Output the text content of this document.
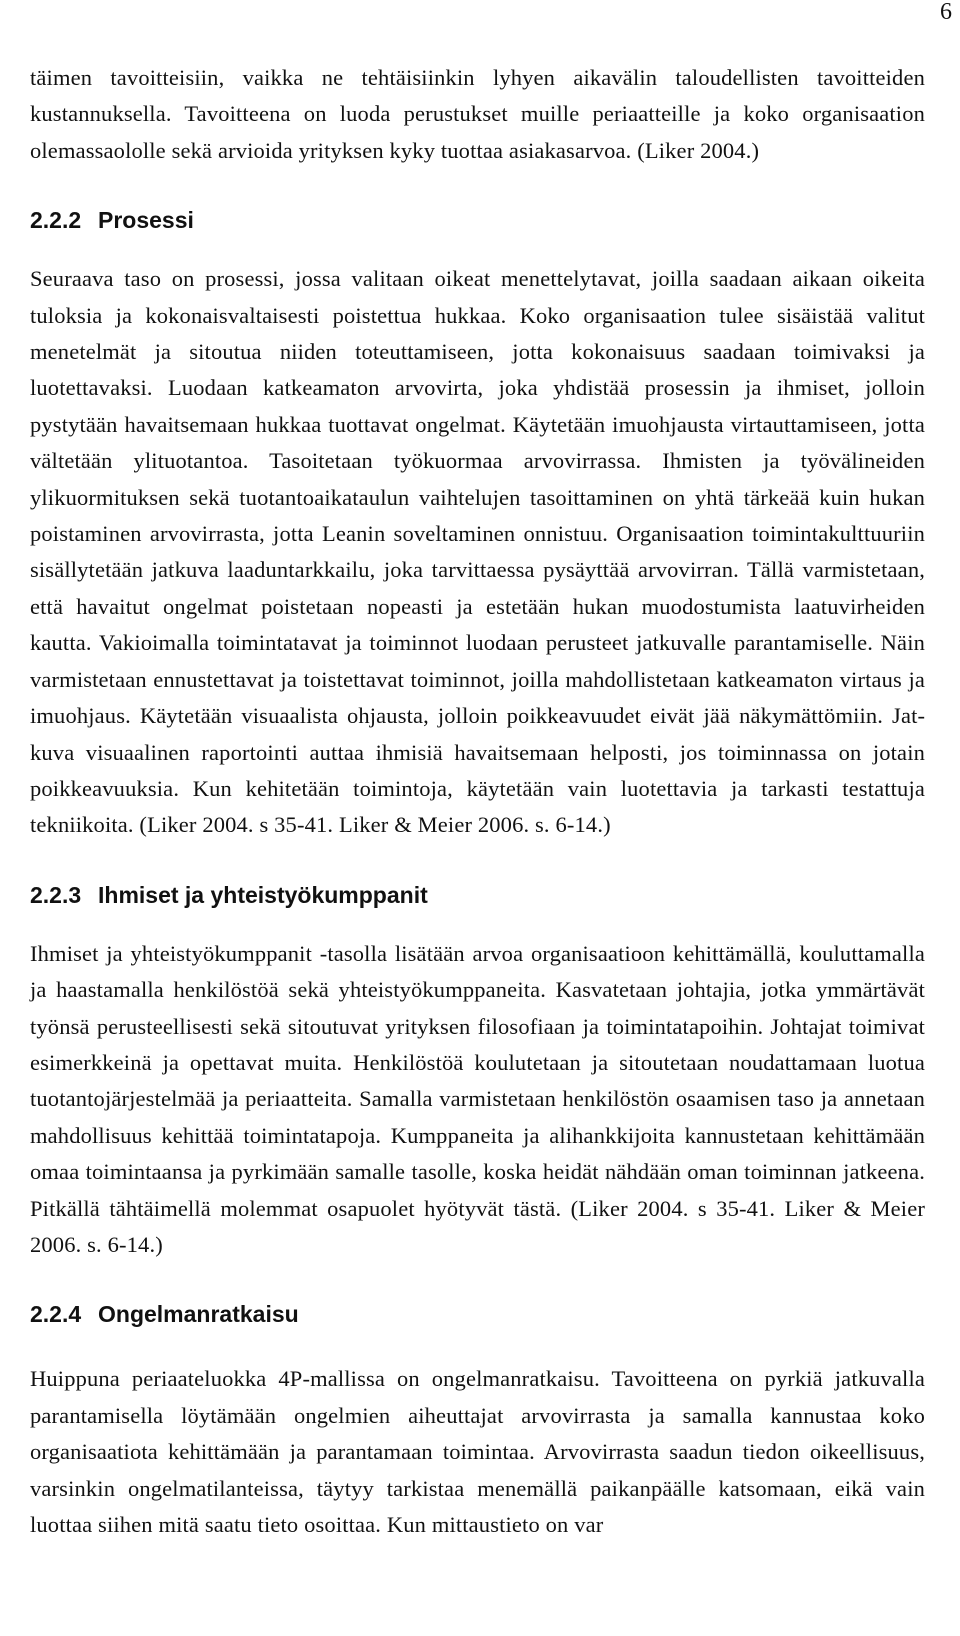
6

täimen tavoitteisiin, vaikka ne tehtäisiinkin lyhyen aikavälin taloudellisten tavoitteiden kustannuksella. Tavoitteena on luoda perustukset muille periaatteille ja koko organisaation olemassaololle sekä arvioida yrityksen kyky tuottaa asiakasarvoa. (Liker 2004.)

2.2.2 Prosessi

Seuraava taso on prosessi, jossa valitaan oikeat menettelytavat, joilla saadaan aikaan oikeita tuloksia ja kokonaisvaltaisesti poistettua hukkaa. Koko organisaation tulee sisäistää valitut menetelmät ja sitoutua niiden toteuttamiseen, jotta kokonaisuus saadaan toimivaksi ja luotettavaksi. Luodaan katkeamaton arvovirta, joka yhdistää prosessin ja ihmiset, jolloin pystytään havaitsemaan hukkaa tuottavat ongelmat. Käytetään imuohjausta virtauttamiseen, jotta vältetään ylituotantoa. Tasoitetaan työkuormaa arvovirrassa. Ihmisten ja työvälineiden ylikuormituksen sekä tuotantoaikataulun vaihtelujen tasoittaminen on yhtä tärkeää kuin hukan poistaminen arvovirrasta, jotta Leanin soveltaminen onnistuu. Organisaation toimintakulttuuriin sisällytetään jatkuva laaduntarkkailu, joka tarvittaessa pysäyttää arvovirran. Tällä varmistetaan, että havaitut ongelmat poistetaan nopeasti ja estetään hukan muodostumista laatuvirheiden kautta. Vakioimalla toimintatavat ja toiminnot luodaan perusteet jatkuvalle parantamiselle. Näin varmistetaan ennustettavat ja toistettavat toiminnot, joilla mahdollistetaan katkeamaton virtaus ja imuohjaus. Käytetään visuaalista ohjausta, jolloin poikkeavuudet eivät jää näkymättömiin. Jatkuva visuaalinen raportointi auttaa ihmisiä havaitsemaan helposti, jos toiminnassa on jotain poikkeavuuksia. Kun kehitetään toimintoja, käytetään vain luotettavia ja tarkasti testattuja tekniikoita. (Liker 2004. s 35-41. Liker & Meier 2006. s. 6-14.)

2.2.3 Ihmiset ja yhteistyökumppanit

Ihmiset ja yhteistyökumppanit -tasolla lisätään arvoa organisaatioon kehittämällä, kouluttamalla ja haastamalla henkilöstöä sekä yhteistyökumppaneita. Kasvatetaan johtajia, jotka ymmärtävät työnsä perusteellisesti sekä sitoutuvat yrityksen filosofiaan ja toimintatapoihin. Johtajat toimivat esimerkkeinä ja opettavat muita. Henkilöstöä koulutetaan ja sitoutetaan noudattamaan luotua tuotantojärjestelmää ja periaatteita. Samalla varmistetaan henkilöstön osaamisen taso ja annetaan mahdollisuus kehittää toimintatapoja. Kumppaneita ja alihankkijoita kannustetaan kehittämään omaa toimintaansa ja pyrkimään samalle tasolle, koska heidät nähdään oman toiminnan jatkeena. Pitkällä tähtäimellä molemmat osapuolet hyötyvät tästä. (Liker 2004. s 35-41. Liker & Meier 2006. s. 6-14.)

2.2.4 Ongelmanratkaisu

Huippuna periaateluokka 4P-mallissa on ongelmanratkaisu. Tavoitteena on pyrkiä jatkuvalla parantamisella löytämään ongelmien aiheuttajat arvovirrasta ja samalla kannustaa koko organisaatiota kehittämään ja parantamaan toimintaa. Arvovirrasta saadun tiedon oikeellisuus, varsinkin ongelmatilanteissa, täytyy tarkistaa menemällä paikanpäälle katsomaan, eikä vain luottaa siihen mitä saatu tieto osoittaa. Kun mittaustieto on var
